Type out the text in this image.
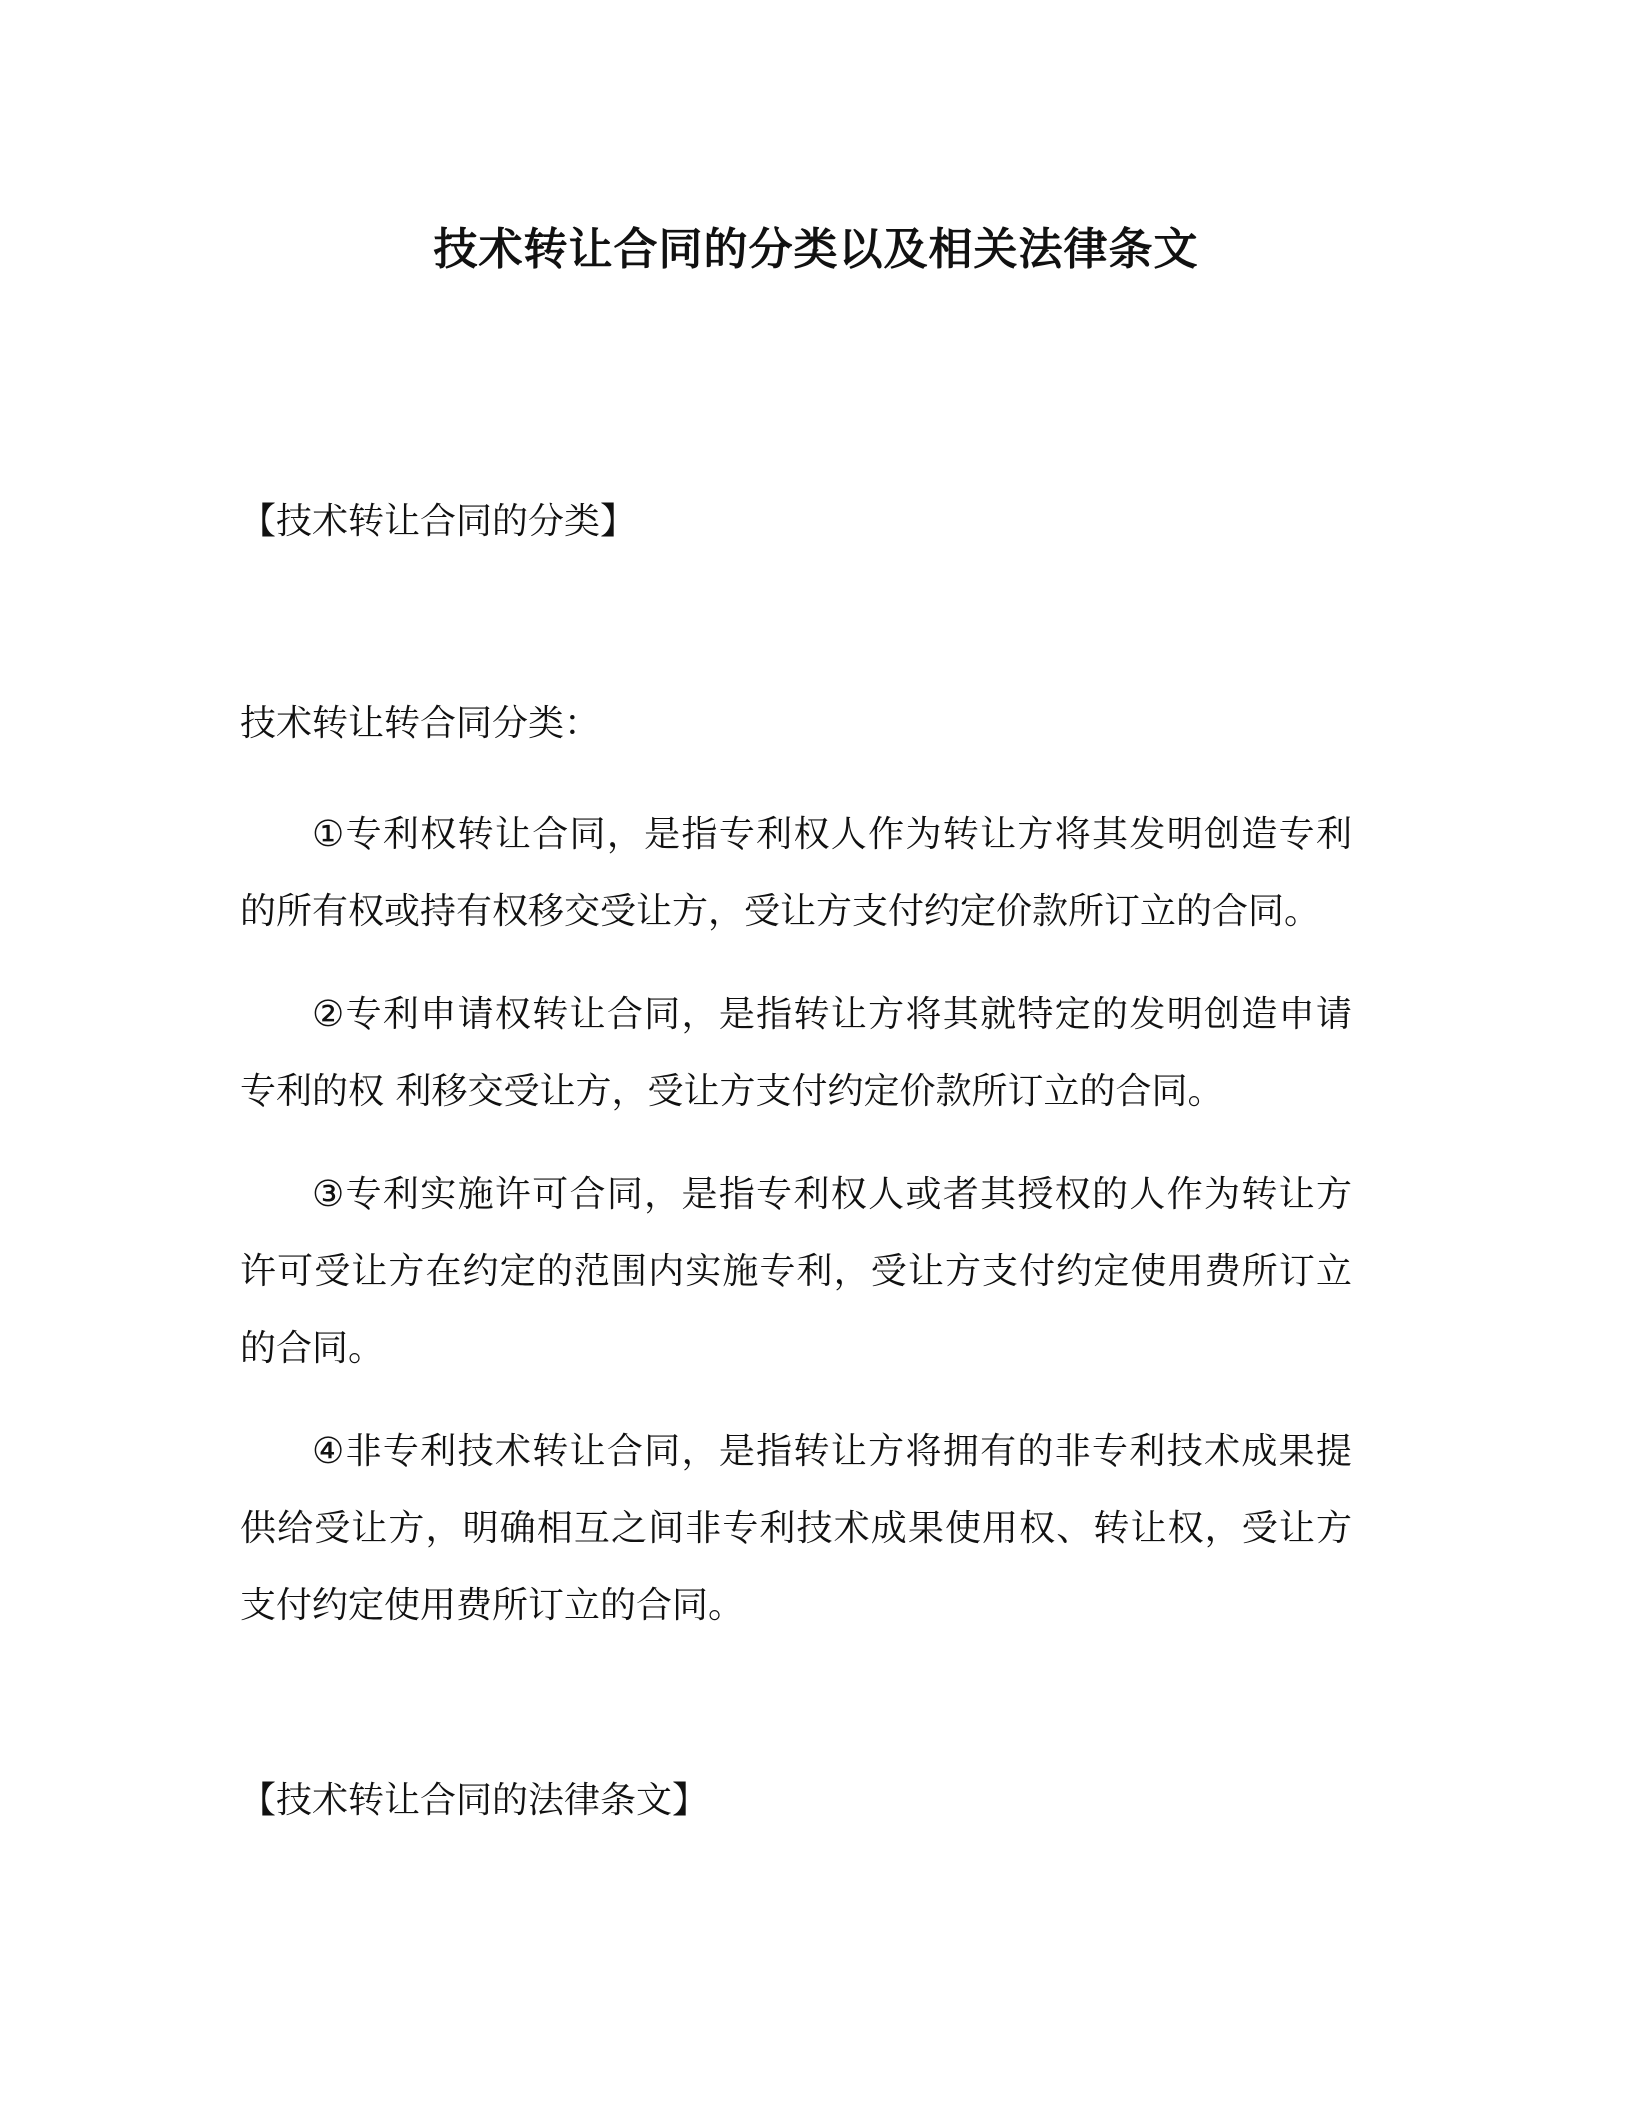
技术转让合同的分类以及相关法律条文
【技术转让合同的分类】
技术转让转合同分类：

①专利权转让合同，是指专利权人作为转让方将其发明创造专利的所有权或持有权移交受让方，受让方支付约定价款所订立的合同。

②专利申请权转让合同，是指转让方将其就特定的发明创造申请专利的权 利移交受让方，受让方支付约定价款所订立的合同。

③专利实施许可合同，是指专利权人或者其授权的人作为转让方许可受让方在约定的范围内实施专利，受让方支付约定使用费所订立的合同。

④非专利技术转让合同，是指转让方将拥有的非专利技术成果提供给受让方，明确相互之间非专利技术成果使用权、转让权，受让方支付约定使用费所订立的合同。

【技术转让合同的法律条文】
